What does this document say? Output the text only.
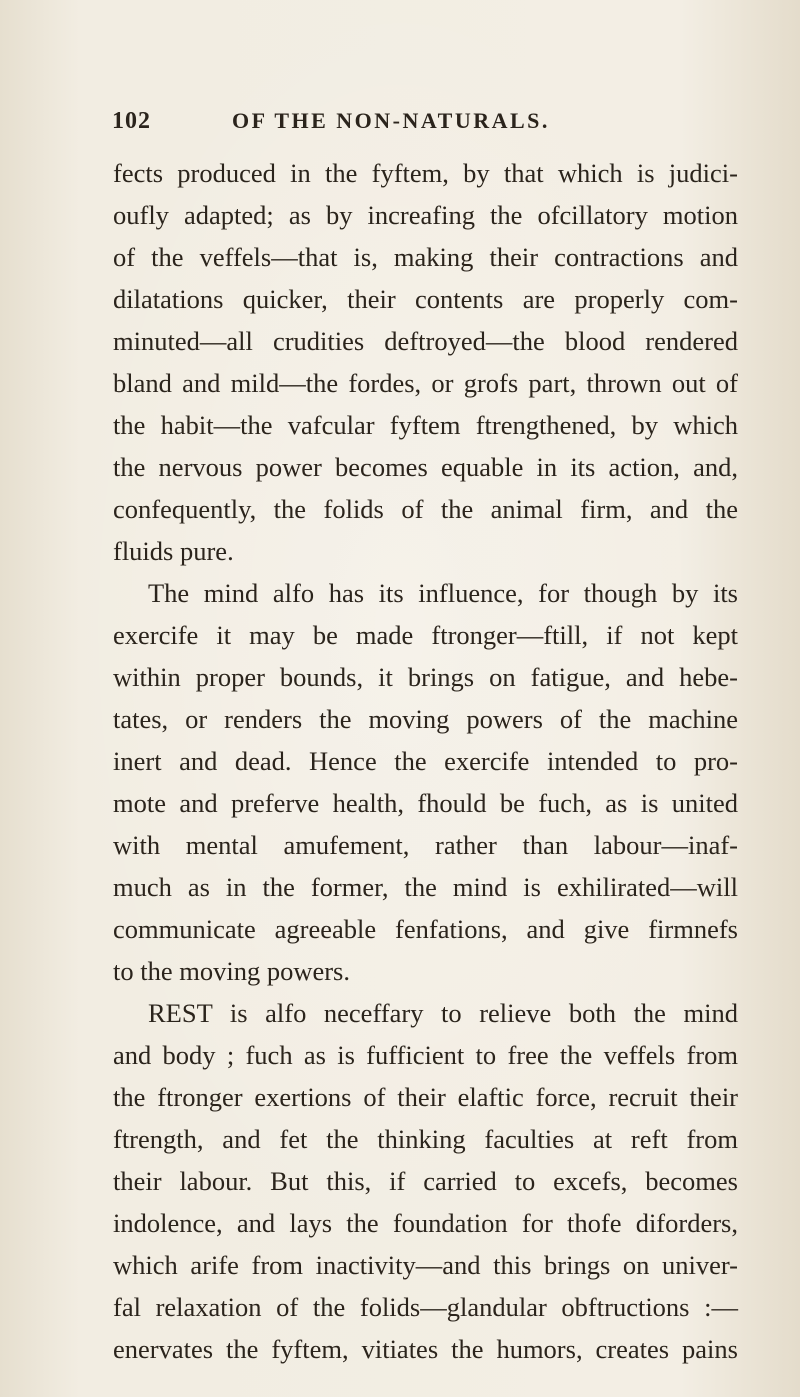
102	OF THE NON-NATURALS.
fects produced in the fyftem, by that which is judici-
oufly adapted; as by increafing the ofcillatory motion
of the veffels—that is, making their contractions and
dilatations quicker, their contents are properly com-
minuted—all crudities deftroyed—the blood rendered
bland and mild—the fordes, or grofs part, thrown out of
the habit—the vafcular fyftem ftrengthened, by which
the nervous power becomes equable in its action, and,
confequently, the folids of the animal firm, and the
fluids pure.
The mind alfo has its influence, for though by its
exercife it may be made ftronger—ftill, if not kept
within proper bounds, it brings on fatigue, and hebe-
tates, or renders the moving powers of the machine
inert and dead. Hence the exercife intended to pro-
mote and preferve health, fhould be fuch, as is united
with mental amufement, rather than labour—inaf-
much as in the former, the mind is exhilirated—will
communicate agreeable fenfations, and give firmnefs
to the moving powers.
REST is alfo neceffary to relieve both the mind
and body ; fuch as is fufficient to free the veffels from
the ftronger exertions of their elaftic force, recruit their
ftrength, and fet the thinking faculties at reft from
their labour. But this, if carried to excefs, becomes
indolence, and lays the foundation for thofe diforders,
which arife from inactivity—and this brings on univer-
fal relaxation of the folids—glandular obftructions :—
enervates the fyftem, vitiates the humors, creates pains
